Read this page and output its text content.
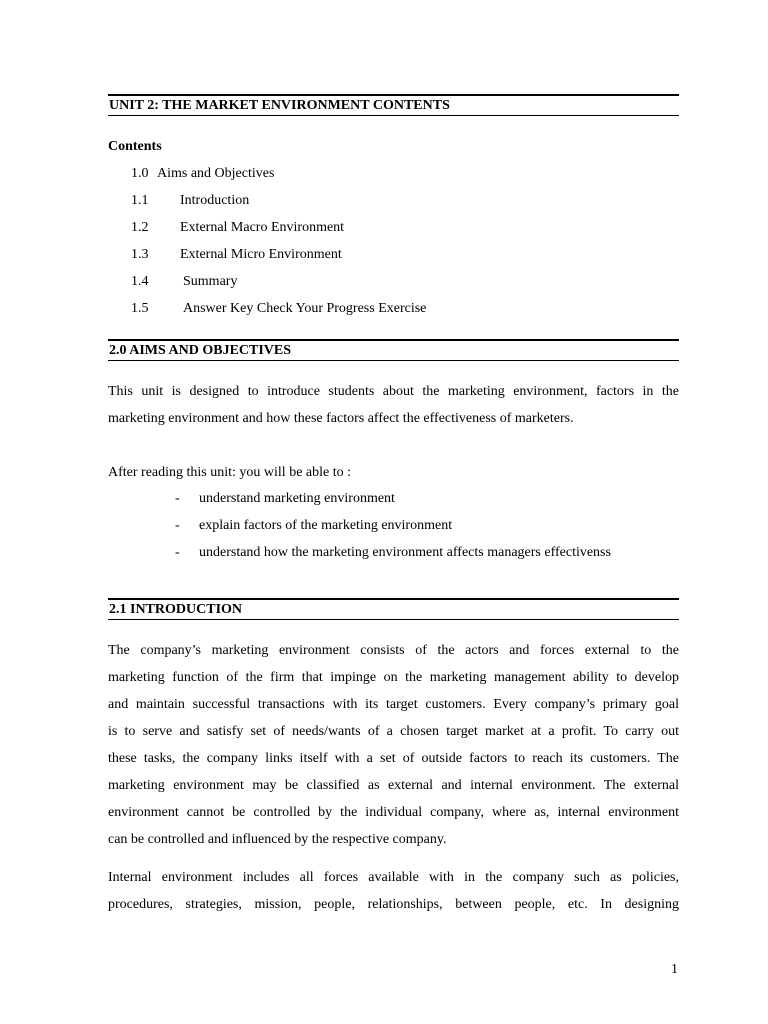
UNIT 2: THE MARKET ENVIRONMENT CONTENTS
Contents
1.0 Aims and Objectives
1.1 Introduction
1.2 External Macro Environment
1.3 External Micro Environment
1.4 Summary
1.5 Answer Key Check Your Progress Exercise
2.0 AIMS AND OBJECTIVES
This unit is designed to introduce students about the marketing environment, factors in the
marketing environment and how these factors affect the effectiveness of marketers.
After reading this unit: you will be able to :
- understand marketing environment
- explain factors of the marketing environment
- understand how the marketing environment affects managers effectivenss
2.1 INTRODUCTION
The company’s marketing environment consists of the actors and forces external to the
marketing function of the firm that impinge on the marketing management ability to develop
and maintain successful transactions with its target customers. Every company’s primary goal
is to serve and satisfy set of needs/wants of a chosen target market at a profit. To carry out
these tasks, the company links itself with a set of outside factors to reach its customers. The
marketing environment may be classified as external and internal environment. The external
environment cannot be controlled by the individual company, where as, internal environment
can be controlled and influenced by the respective company.
Internal environment includes all forces available with in the company such as policies,
procedures, strategies, mission, people, relationships, between people, etc. In designing
1
